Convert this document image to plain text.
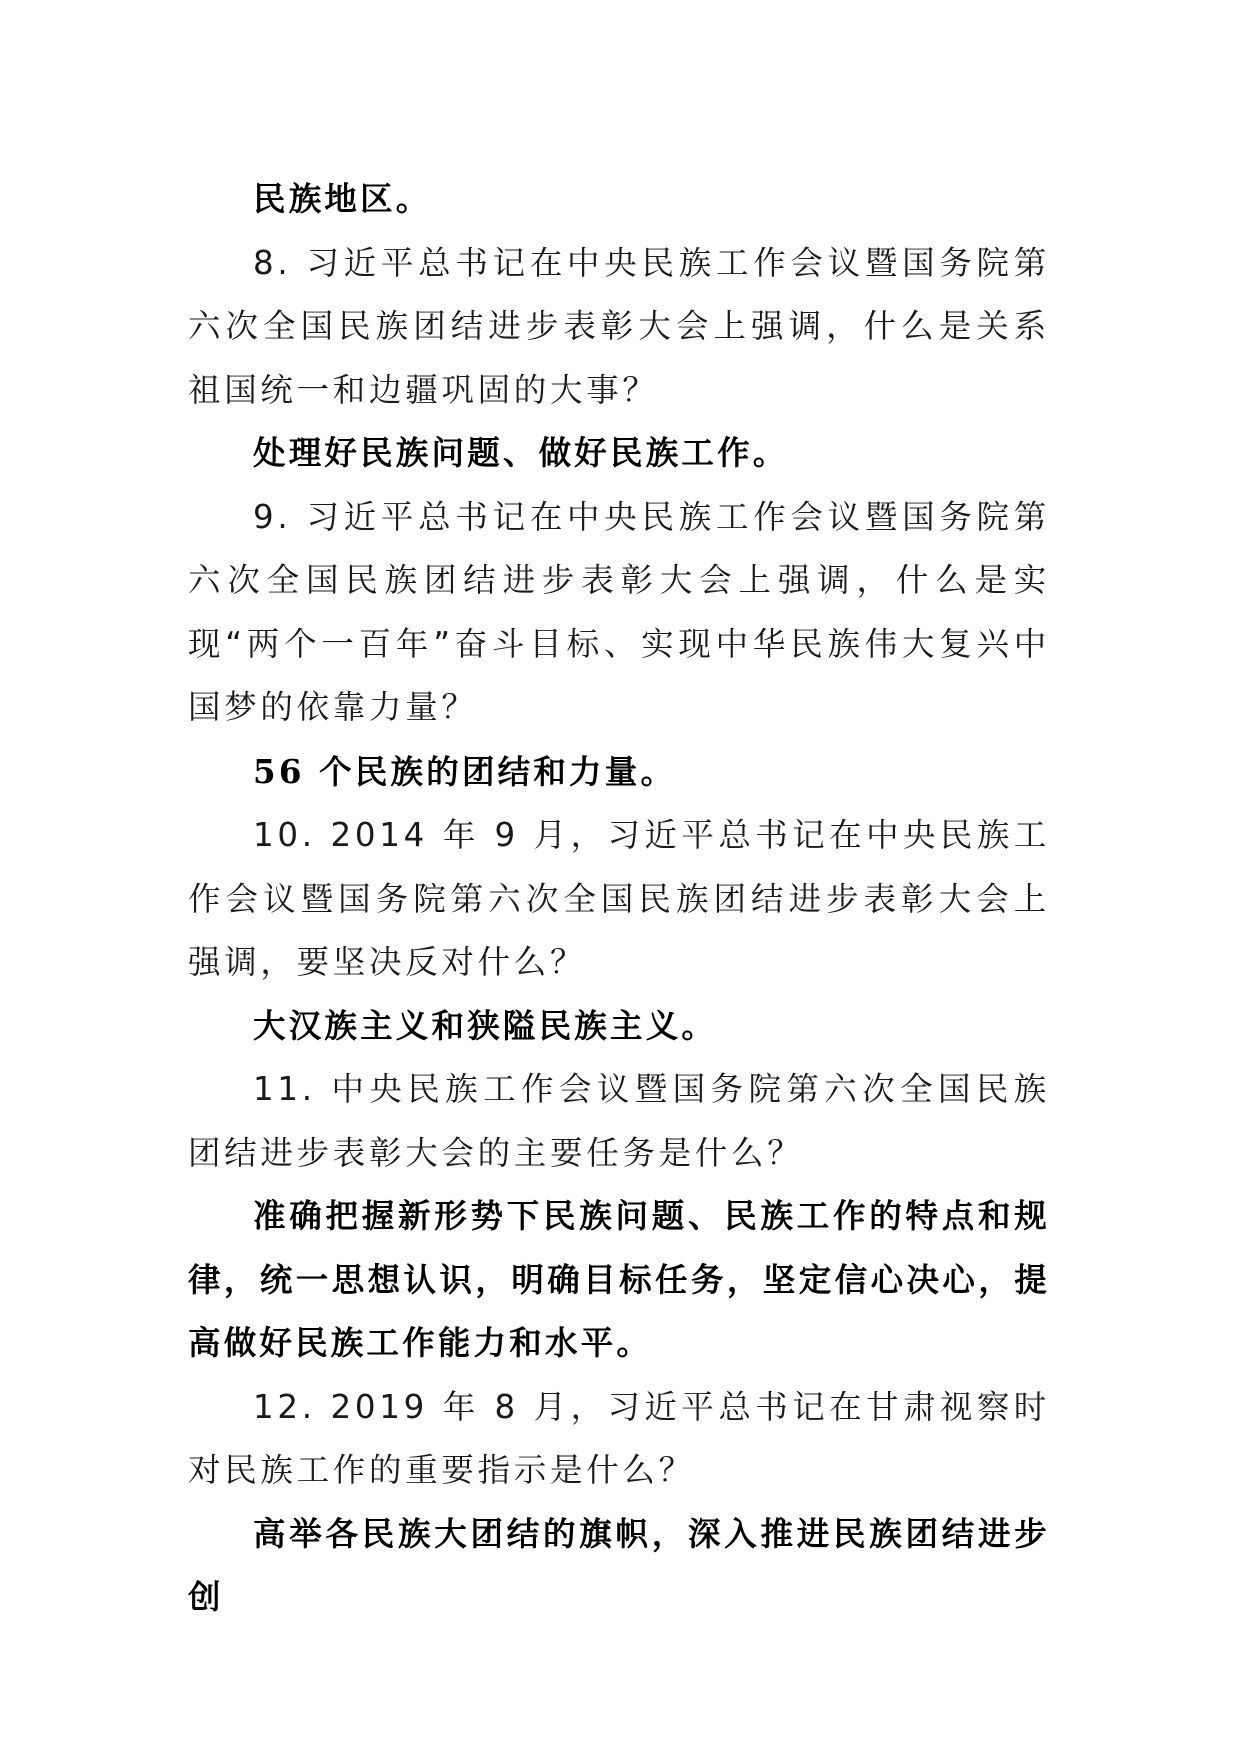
民族地区。

8. 习近平总书记在中央民族工作会议暨国务院第六次全国民族团结进步表彰大会上强调，什么是关系祖国统一和边疆巩固的大事？

处理好民族问题、做好民族工作。

9. 习近平总书记在中央民族工作会议暨国务院第六次全国民族团结进步表彰大会上强调，什么是实现“两个一百年”奋斗目标、实现中华民族伟大复兴中国梦的依靠力量？

56 个民族的团结和力量。

10. 2014 年 9 月，习近平总书记在中央民族工作会议暨国务院第六次全国民族团结进步表彰大会上强调，要坚决反对什么？

大汉族主义和狭隘民族主义。

11. 中央民族工作会议暨国务院第六次全国民族团结进步表彰大会的主要任务是什么？

准确把握新形势下民族问题、民族工作的特点和规律，统一思想认识，明确目标任务，坚定信心决心，提高做好民族工作能力和水平。

12. 2019 年 8 月，习近平总书记在甘肃视察时对民族工作的重要指示是什么？

高举各民族大团结的旗帜，深入推进民族团结进步创
